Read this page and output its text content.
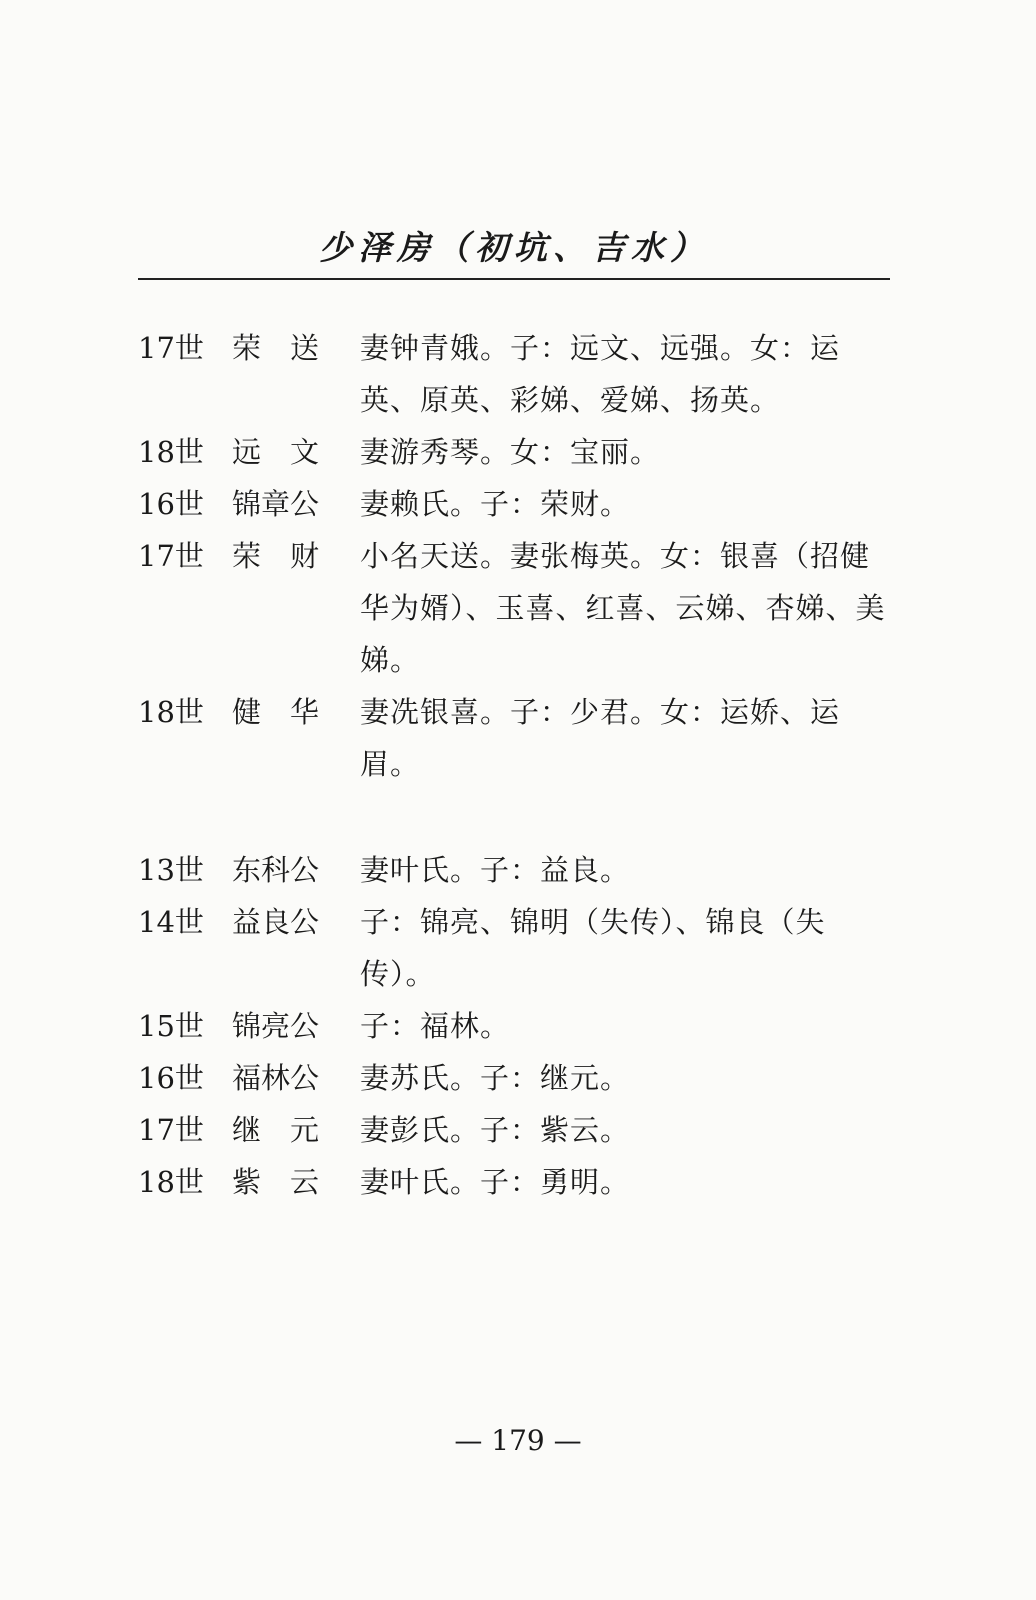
少泽房（初坑、吉水）
17世 荣　送	妻钟青娥。子：远文、远强。女：运英、原英、彩娣、爱娣、扬英。
18世 远　文	妻游秀琴。女：宝丽。
16世 锦章公	妻赖氏。子：荣财。
17世 荣　财	小名天送。妻张梅英。女：银喜（招健华为婿）、玉喜、红喜、云娣、杏娣、美娣。
18世 健　华	妻冼银喜。子：少君。女：运娇、运眉。
13世 东科公	妻叶氏。子：益良。
14世 益良公	子：锦亮、锦明（失传）、锦良（失传）。
15世 锦亮公	子：福林。
16世 福林公	妻苏氏。子：继元。
17世 继　元	妻彭氏。子：紫云。
18世 紫　云	妻叶氏。子：勇明。
— 179 —
